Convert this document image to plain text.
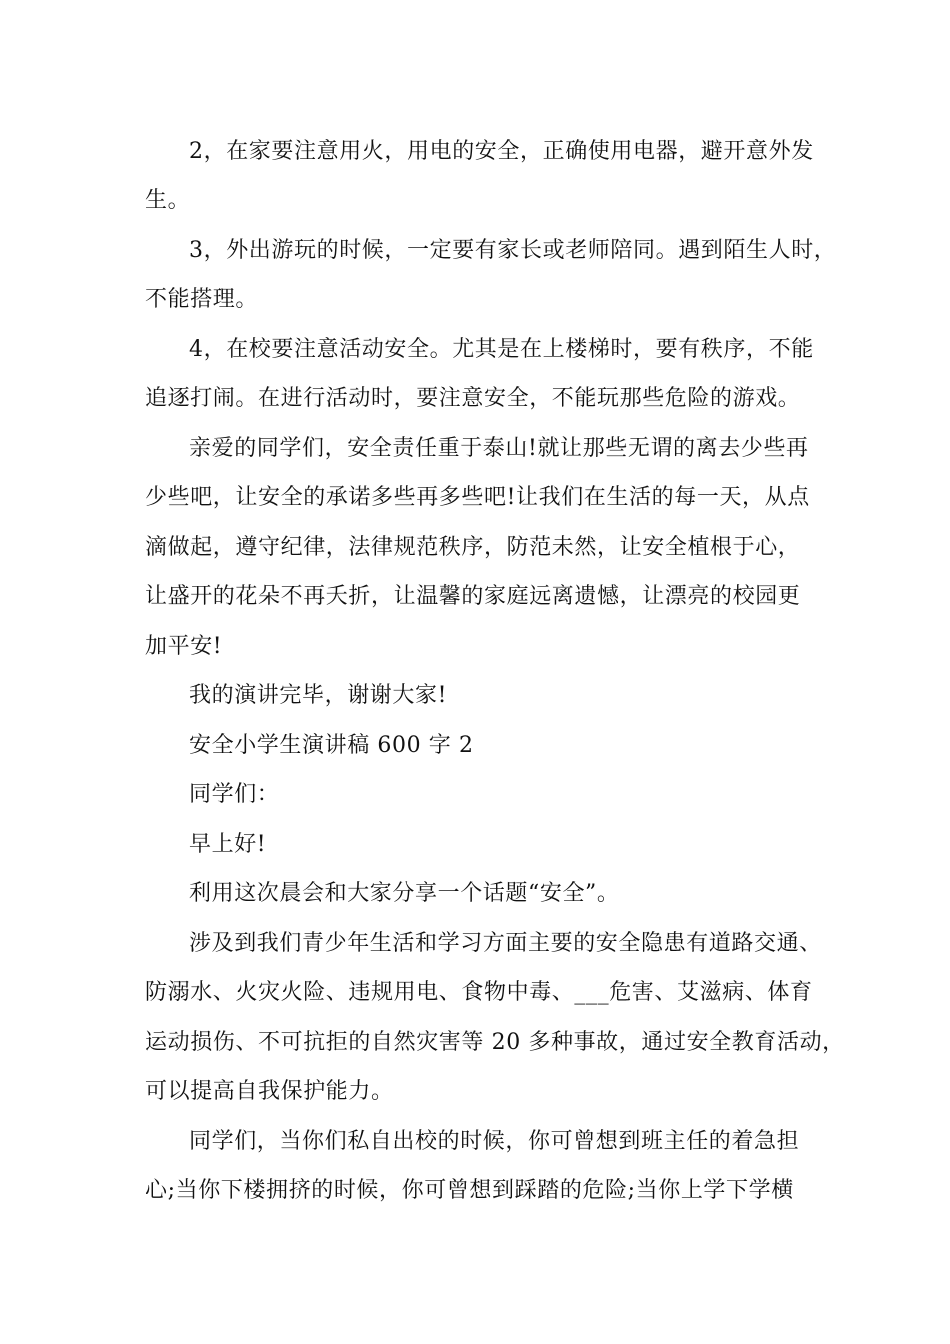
2，在家要注意用火，用电的安全，正确使用电器，避开意外发
生。
3，外出游玩的时候，一定要有家长或老师陪同。遇到陌生人时，
不能搭理。
4，在校要注意活动安全。尤其是在上楼梯时，要有秩序，不能
追逐打闹。在进行活动时，要注意安全，不能玩那些危险的游戏。
亲爱的同学们，安全责任重于泰山!就让那些无谓的离去少些再
少些吧，让安全的承诺多些再多些吧!让我们在生活的每一天，从点
滴做起，遵守纪律，法律规范秩序，防范未然，让安全植根于心，
让盛开的花朵不再夭折，让温馨的家庭远离遗憾，让漂亮的校园更
加平安!
我的演讲完毕，谢谢大家!
安全小学生演讲稿 600 字 2
同学们：
早上好!
利用这次晨会和大家分享一个话题“安全”。
涉及到我们青少年生活和学习方面主要的安全隐患有道路交通、
防溺水、火灾火险、违规用电、食物中毒、___危害、艾滋病、体育
运动损伤、不可抗拒的自然灾害等 20 多种事故，通过安全教育活动，
可以提高自我保护能力。
同学们，当你们私自出校的时候，你可曾想到班主任的着急担
心;当你下楼拥挤的时候，你可曾想到踩踏的危险;当你上学下学横
